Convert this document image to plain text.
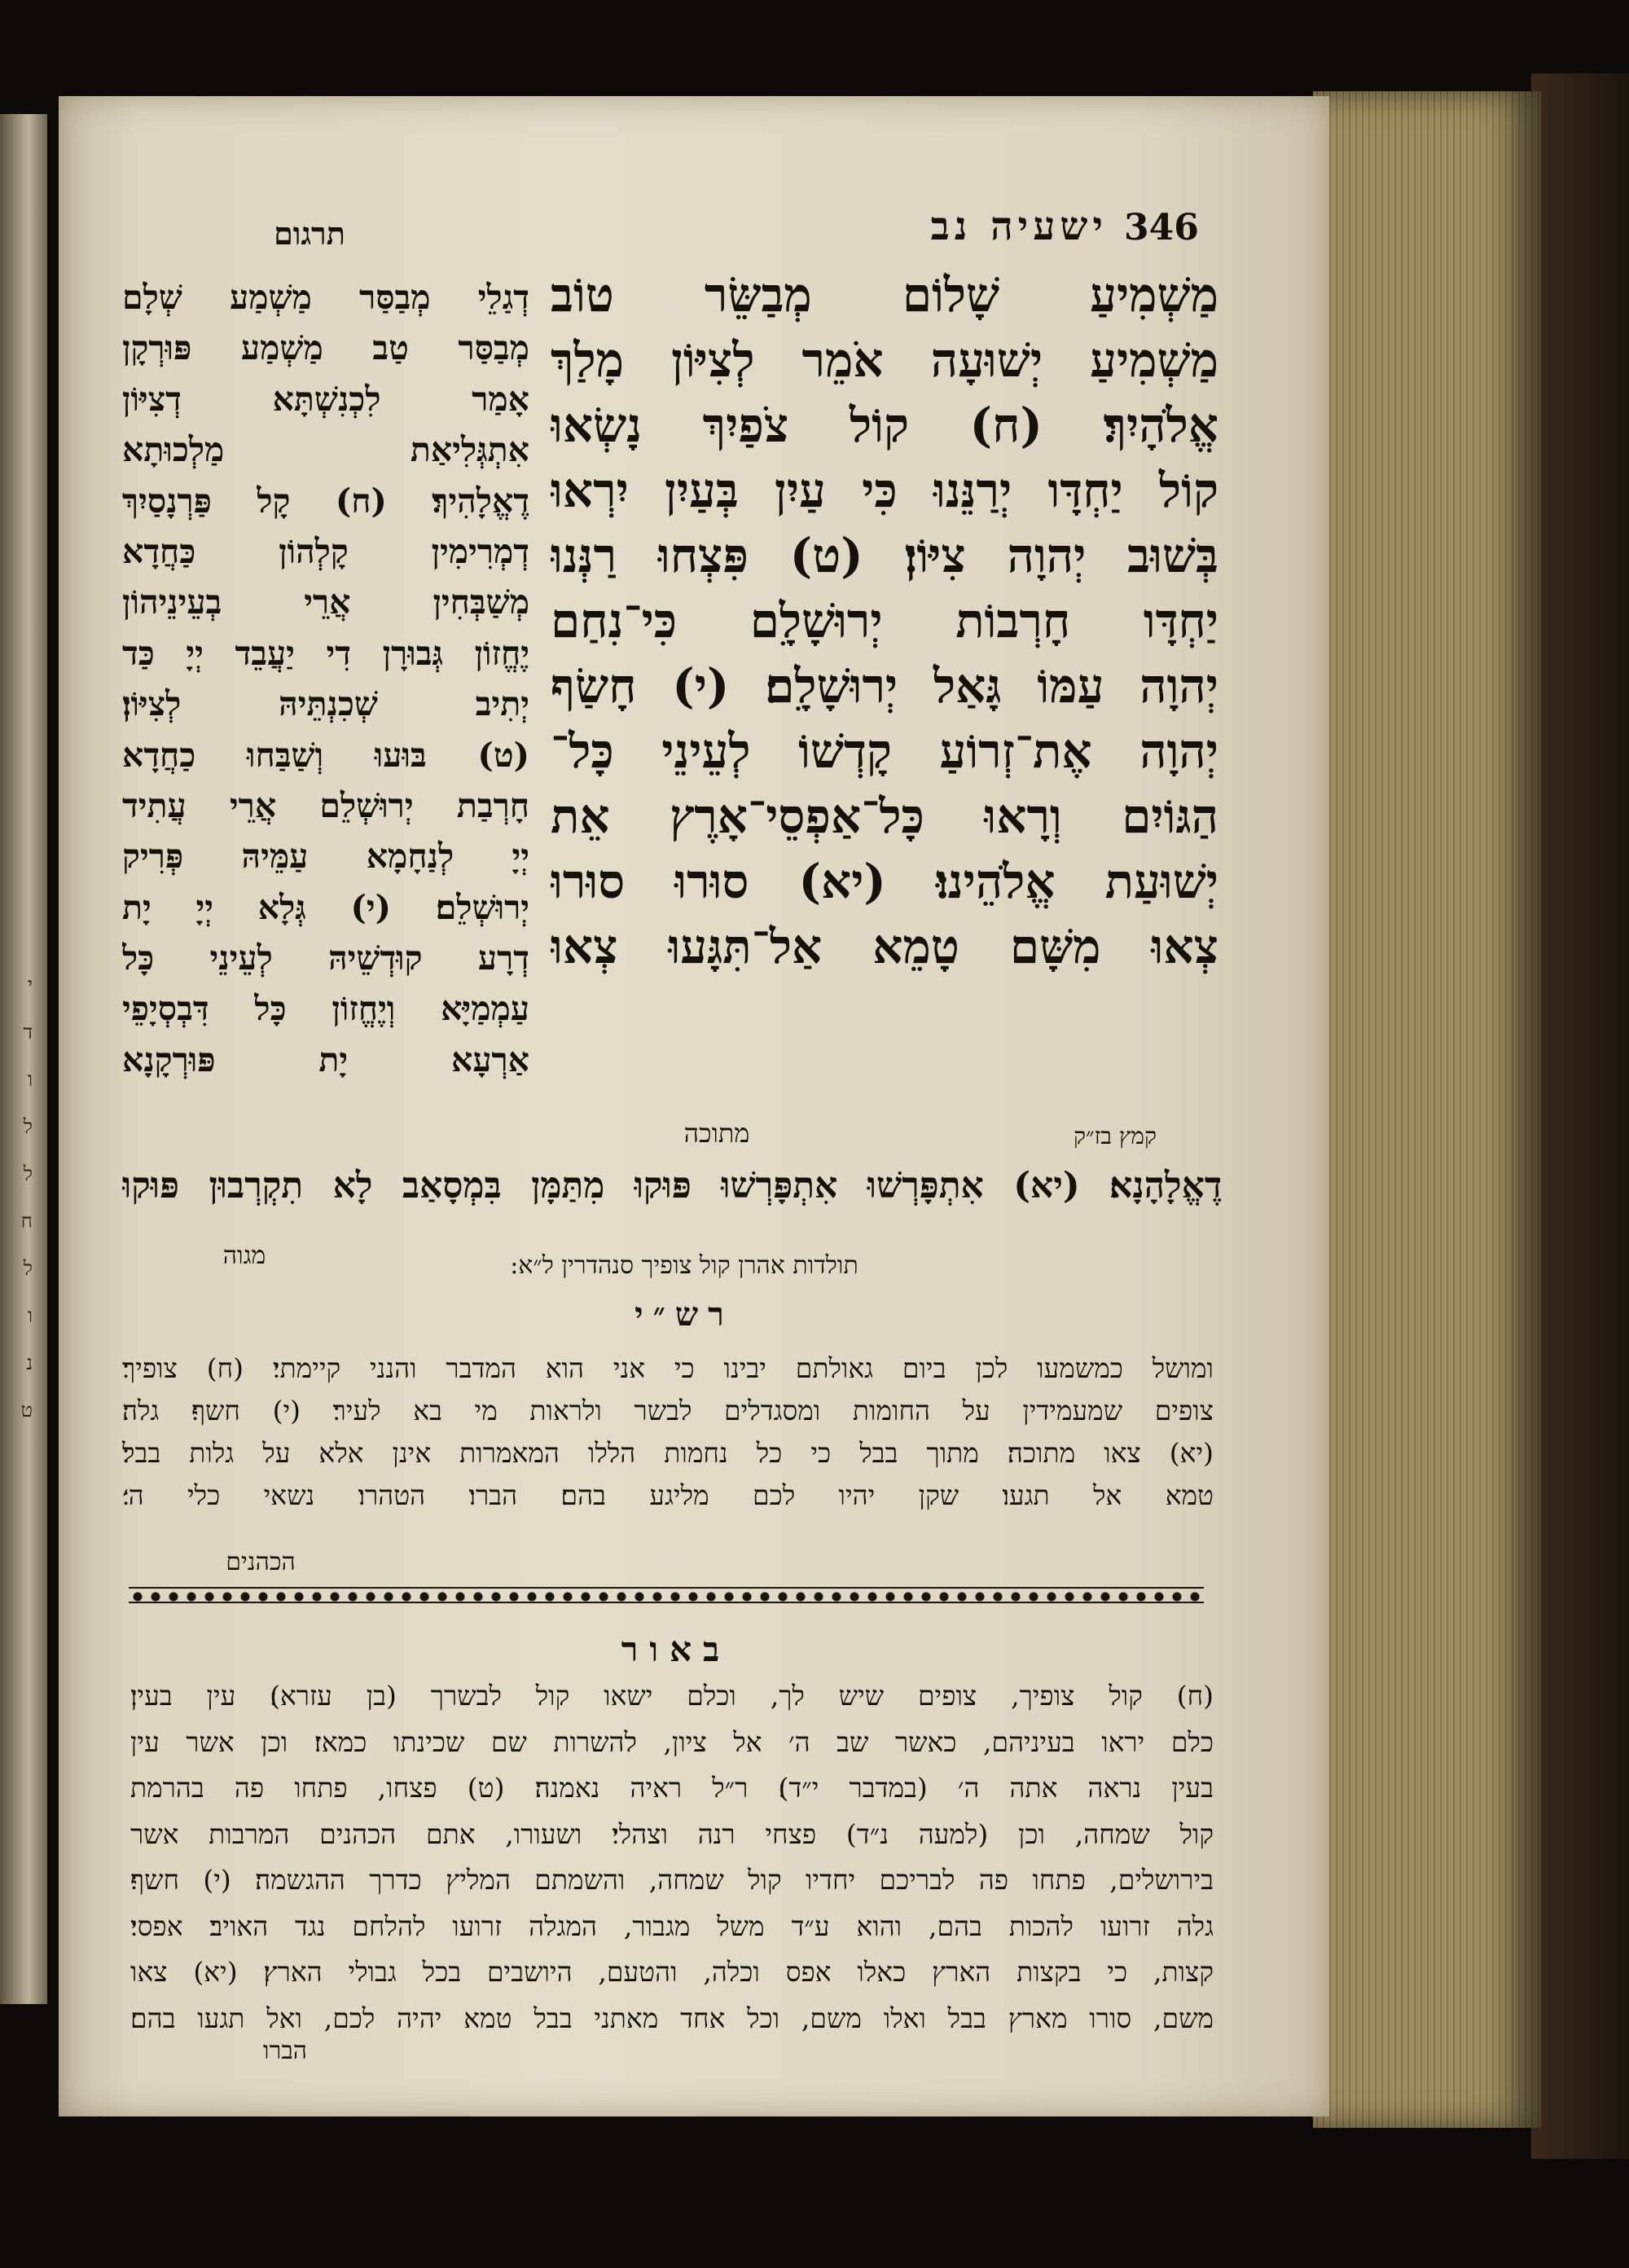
י
ד
ו
ל
ל
ח
ל
ו
נ
ט
346
ישעיה נב
תרגום
מַשְׁמִיעַ שָׁלוֹם מְבַשֵּׂר טוֹב
מַשְׁמִיעַ יְשׁוּעָה אֹמֵר לְצִיּוֹן מָלַךְ
אֱלֹהָיִךְ׃ (ח) קוֹל צֹפַיִךְ נָשְׂאוּ
קוֹל יַחְדָּו יְרַנֵּנוּ כִּי עַיִן בְּעַיִן יִרְאוּ
בְּשׁוּב יְהוָה צִיּוֹן׃ (ט) פִּצְחוּ רַנְּנוּ
יַחְדָּו חָרְבוֹת יְרוּשָׁלָ͏ִם כִּי־נִחַם
יְהוָה עַמּוֹ גָּאַל יְרוּשָׁלָ͏ִם׃ (י) חָשַׂף
יְהוָה אֶת־זְרוֹעַ קָדְשׁוֹ לְעֵינֵי כָּל־
הַגּוֹיִם וְרָאוּ כָּל־אַפְסֵי־אָרֶץ אֵת
יְשׁוּעַת אֱלֹהֵינוּ׃ (יא) סוּרוּ סוּרוּ
צְאוּ מִשָּׁם טָמֵא אַל־תִּגָּעוּ צְאוּ
דְגַלֵי מְבַסַּר מַשְׁמַע שְׁלָם
מְבַסַּר טַב מַשְׁמַע פּוּרְקָן
אָמַר לִכְנִשְׁתָּא דְצִיּוֹן
אִתְגְּלִיאַת מַלְכוּתָא
דֶאֱלָהִיךְ׃ (ח) קָל פַּרְנָסַיִךְ
דְמְרִימִין קָלְהוֹן כַּחֲדָא
מְשַׁבְּחִין אֲרֵי בְעֵינֵיהוֹן
יֶחֱזוֹן גְּבוּרָן דִי יַעֲבֵד יְיָ כַּד
יְתִיב שְׁכִנְתֵּיהּ לְצִיּוֹן׃
(ט) בּוּעוּ וְשַׁבַּחוּ כַחֲדָא
חָרְבַת יְרוּשְׁלֵם אֲרֵי עֲתִיד
יְיָ לְנַחָמָא עַמֵּיהּ פְּרִיק
יְרוּשְׁלֵם׃ (י) גְּלָא יְיָ יָת
דְרָע קוּדְשֵׁיהּ לְעֵינֵי כָּל
עַמְמַיָּא וְיֶחֱזוֹן כָּל דִּבְסְיָפֵי
אַרְעָא יָת פּוּרְקָנָא
קמץ בז״ק
מתוכה
דֶאֱלָהָנָא׃ (יא) אִתְפָּרְשׁוּ אִתְפָּרְשׁוּ פּוּקוּ מִתַּמָּן בִּמְסָאַב לָא תִקְרְבוּן פּוּקוּ
מגוה	תולדות אהרן קול צופיך סנהדרין ל״א:
רש״י
ומושל כמשמעו לכן ביום גאולתם יבינו כי אני הוא המדבר והנני קיימתי׃ (ח) צופיך׃
צופים שמעמידין על החומות ומסגדלים לבשר ולראות מי בא לעיר׃ (י) חשף׃ גלה׃
(יא) צאו מתוכה׃ מתוך בבל כי כל נחמות הללו המאמרות אינן אלא על גלות בבל׃
טמא אל תגעו׃ שקן יהיו לכם מליגע בהם׃ הברו׃ הטהרו׃ נשאי כלי ה׳׃
הכהנים
באור
(ח) קול צופיך, צופים שיש לך, וכלם ישאו קול לבשרך (בן עזרא)׃ עין בעין׃
כלם יראו בעיניהם, כאשר שב ה׳ אל ציון, להשרות שם שכינתו כמאז׃ וכן אשר עין
בעין נראה אתה ה׳ (במדבר י״ד)׃ ר״ל ראיה נאמנה׃ (ט) פצחו, פתחו פה בהרמת
קול שמחה, וכן (למעה נ״ד) פצחי רנה וצהלי׃ ושעורו, אתם הכהנים המרבות אשר
בירושלים, פתחו פה לבריכם יחדיו קול שמחה, והשמתם המליץ כדרך ההגשמה׃ (י) חשף׃
גלה זרועו להכות בהם, והוא ע״ד משל מגבור, המגלה זרועו להלחם נגד האויב׃ אפסי׃
קצות, כי בקצות הארץ כאלו אפס וכלה, והטעם, היושבים בכל גבולי הארץ׃ (יא) צאו
משם, סורו מארץ בבל ואלו משם, וכל אחד מאתני בבל טמא יהיה לכם, ואל תגעו בהם׃
הברו
